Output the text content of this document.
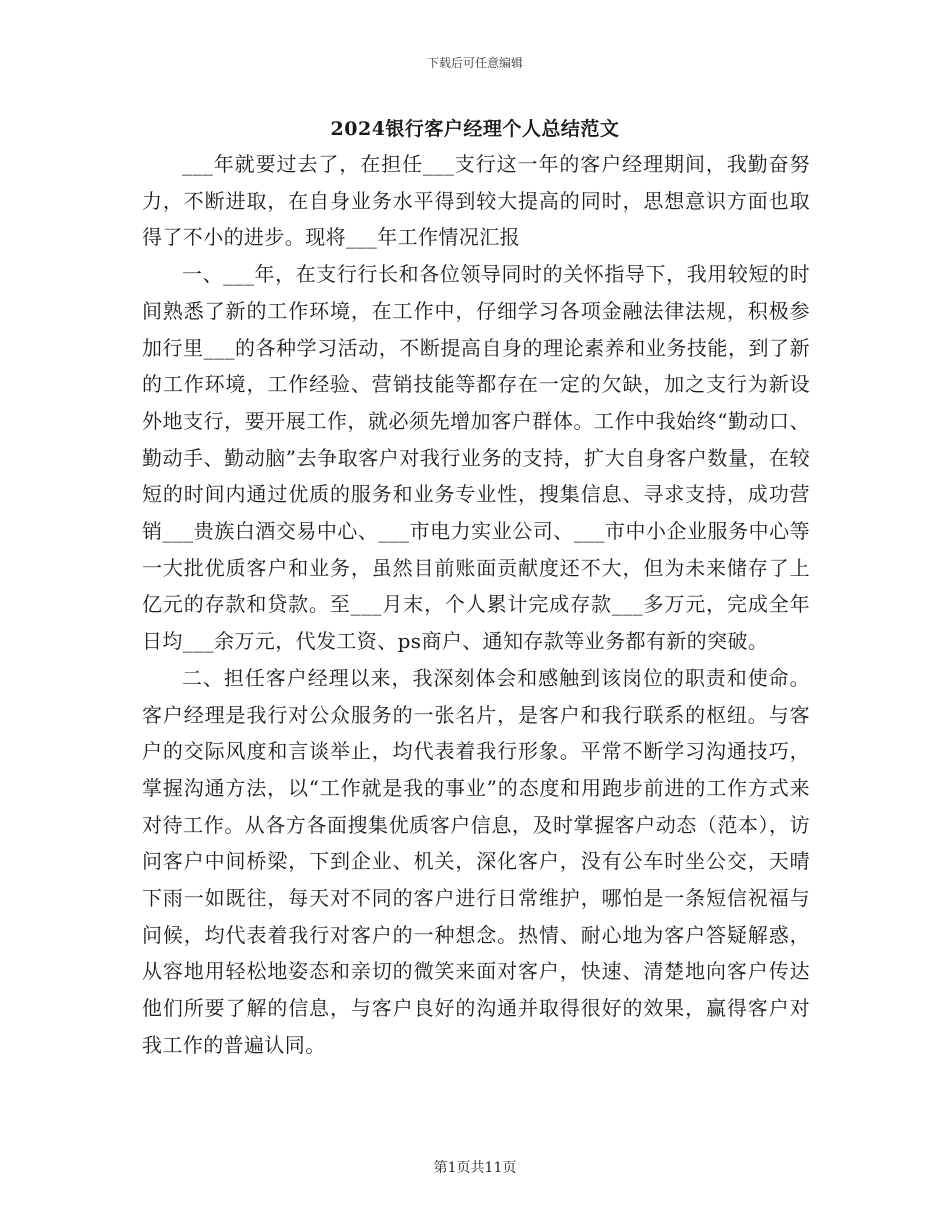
下载后可任意编辑
2024银行客户经理个人总结范文

___年就要过去了，在担任___支行这一年的客户经理期间，我勤奋努力，不断进取，在自身业务水平得到较大提高的同时，思想意识方面也取得了不小的进步。现将___年工作情况汇报

一、___年，在支行行长和各位领导同时的关怀指导下，我用较短的时间熟悉了新的工作环境，在工作中，仔细学习各项金融法律法规，积极参加行里___的各种学习活动，不断提高自身的理论素养和业务技能，到了新的工作环境，工作经验、营销技能等都存在一定的欠缺，加之支行为新设外地支行，要开展工作，就必须先增加客户群体。工作中我始终“勤动口、勤动手、勤动脑”去争取客户对我行业务的支持，扩大自身客户数量，在较短的时间内通过优质的服务和业务专业性，搜集信息、寻求支持，成功营销___贵族白酒交易中心、___市电力实业公司、___市中小企业服务中心等一大批优质客户和业务，虽然目前账面贡献度还不大，但为未来储存了上亿元的存款和贷款。至___月末，个人累计完成存款___多万元，完成全年日均___余万元，代发工资、ps商户、通知存款等业务都有新的突破。

二、担任客户经理以来，我深刻体会和感触到该岗位的职责和使命。客户经理是我行对公众服务的一张名片，是客户和我行联系的枢纽。与客户的交际风度和言谈举止，均代表着我行形象。平常不断学习沟通技巧，掌握沟通方法，以“工作就是我的事业”的态度和用跑步前进的工作方式来对待工作。从各方各面搜集优质客户信息，及时掌握客户动态（范本），访问客户中间桥梁，下到企业、机关，深化客户，没有公车时坐公交，天晴下雨一如既往，每天对不同的客户进行日常维护，哪怕是一条短信祝福与问候，均代表着我行对客户的一种想念。热情、耐心地为客户答疑解惑，从容地用轻松地姿态和亲切的微笑来面对客户，快速、清楚地向客户传达他们所要了解的信息，与客户良好的沟通并取得很好的效果，赢得客户对我工作的普遍认同。

第1页共11页
